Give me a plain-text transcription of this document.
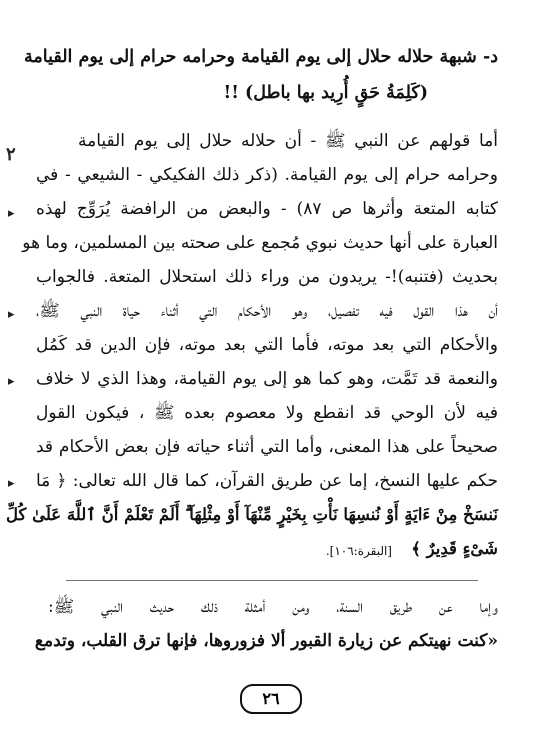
د- شبهة حلاله حلال إلى يوم القيامة وحرامه حرام إلى يوم القيامة
(كَلِمَةُ حَقٍ أُرِيد بها باطل) !!
أما قولهم عن النبي ﷺ - أن حلاله حلال إلى يوم القيامة
وحرامه حرام إلى يوم القيامة. (ذكر ذلك الفكيكي - الشيعي - في
كتابه المتعة وأثرها ص ٨٧) - والبعض من الرافضة يُرَوِّج لهذه
العبارة على أنها حديث نبوي مُجمع على صحته بين المسلمين، وما هو
بحديث (فتنبه)!- يريدون من وراء ذلك استحلال المتعة. فالجواب
أن هذا القول فيه تفصيل، وهو الأحكام التي أثناء حياة النبي ﷺ،
والأحكام التي بعد موته، فأما التي بعد موته، فإن الدين قد كَمُل
والنعمة قد تَمَّت، وهو كما هو إلى يوم القيامة، وهذا الذي لا خلاف
فيه لأن الوحي قد انقطع ولا معصوم بعده ﷺ ، فيكون القول
صحيحاً على هذا المعنى، وأما التي أثناء حياته فإن بعض الأحكام قد
حكم عليها النسخ، إما عن طريق القرآن، كما قال الله تعالى: ﴿ مَا
نَنسَخْ مِنْ ءَايَةٍ أَوْ نُنسِهَا نَأْتِ بِخَيْرٍ مِّنْهَآ أَوْ مِثْلِهَآ ۗ أَلَمْ تَعْلَمْ أَنَّ ٱللَّهَ عَلَىٰ كُلِّ
شَىْءٍ قَدِيرٌ ﴾
[البقرة:١٠٦].
وإما عن طريق السنة، ومن أمثلة ذلك حديث النبي ﷺ:
«كنت نهيتكم عن زيارة القبور ألا فزوروها، فإنها ترق القلب، وتدمع
٢
▸
▸
▸
▸
٢٦
